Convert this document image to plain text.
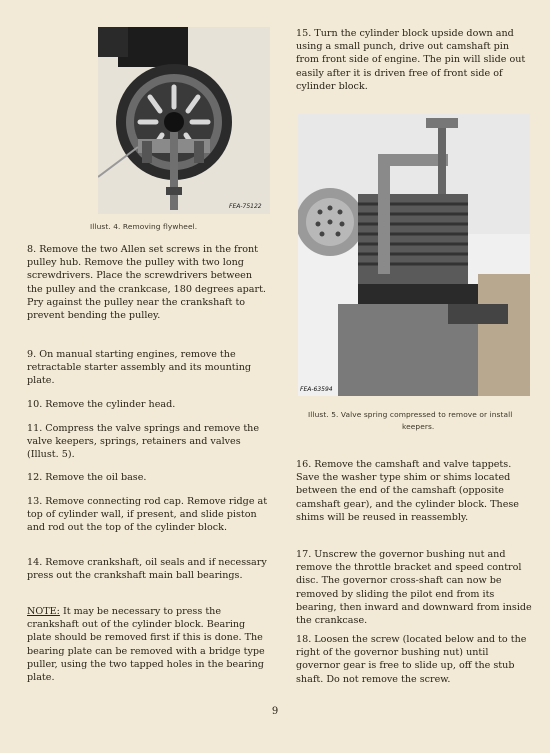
FEA-75122
Illust. 4. Removing flywheel.
FEA-63594
Illust. 5. Valve spring compressed to remove or install
keepers.

8. Remove the two Allen set screws in the front pulley hub. Remove the pulley with two long screwdrivers. Place the screwdrivers between the pulley and the crankcase, 180 degrees apart. Pry against the pulley near the crankshaft to prevent bending the pulley.

9. On manual starting engines, remove the retractable starter assembly and its mounting plate.

10. Remove the cylinder head.

11. Compress the valve springs and remove the valve keepers, springs, retainers and valves (Illust. 5).

12. Remove the oil base.

13. Remove connecting rod cap. Remove ridge at top of cylinder wall, if present, and slide piston and rod out the top of the cylinder block.

14. Remove crankshaft, oil seals and if necessary press out the crankshaft main ball bearings.

NOTE: It may be necessary to press the crankshaft out of the cylinder block. Bearing plate should be removed first if this is done. The bearing plate can be removed with a bridge type puller, using the two tapped holes in the bearing plate.

15. Turn the cylinder block upside down and using a small punch, drive out camshaft pin from front side of engine. The pin will slide out easily after it is driven free of front side of cylinder block.

16. Remove the camshaft and valve tappets. Save the washer type shim or shims located between the end of the camshaft (opposite camshaft gear), and the cylinder block. These shims will be reused in reassembly.

17. Unscrew the governor bushing nut and remove the throttle bracket and speed control disc. The governor cross-shaft can now be removed by sliding the pilot end from its bearing, then inward and downward from inside the crankcase.

18. Loosen the screw (located below and to the right of the governor bushing nut) until governor gear is free to slide up, off the stub shaft. Do not remove the screw.

9
